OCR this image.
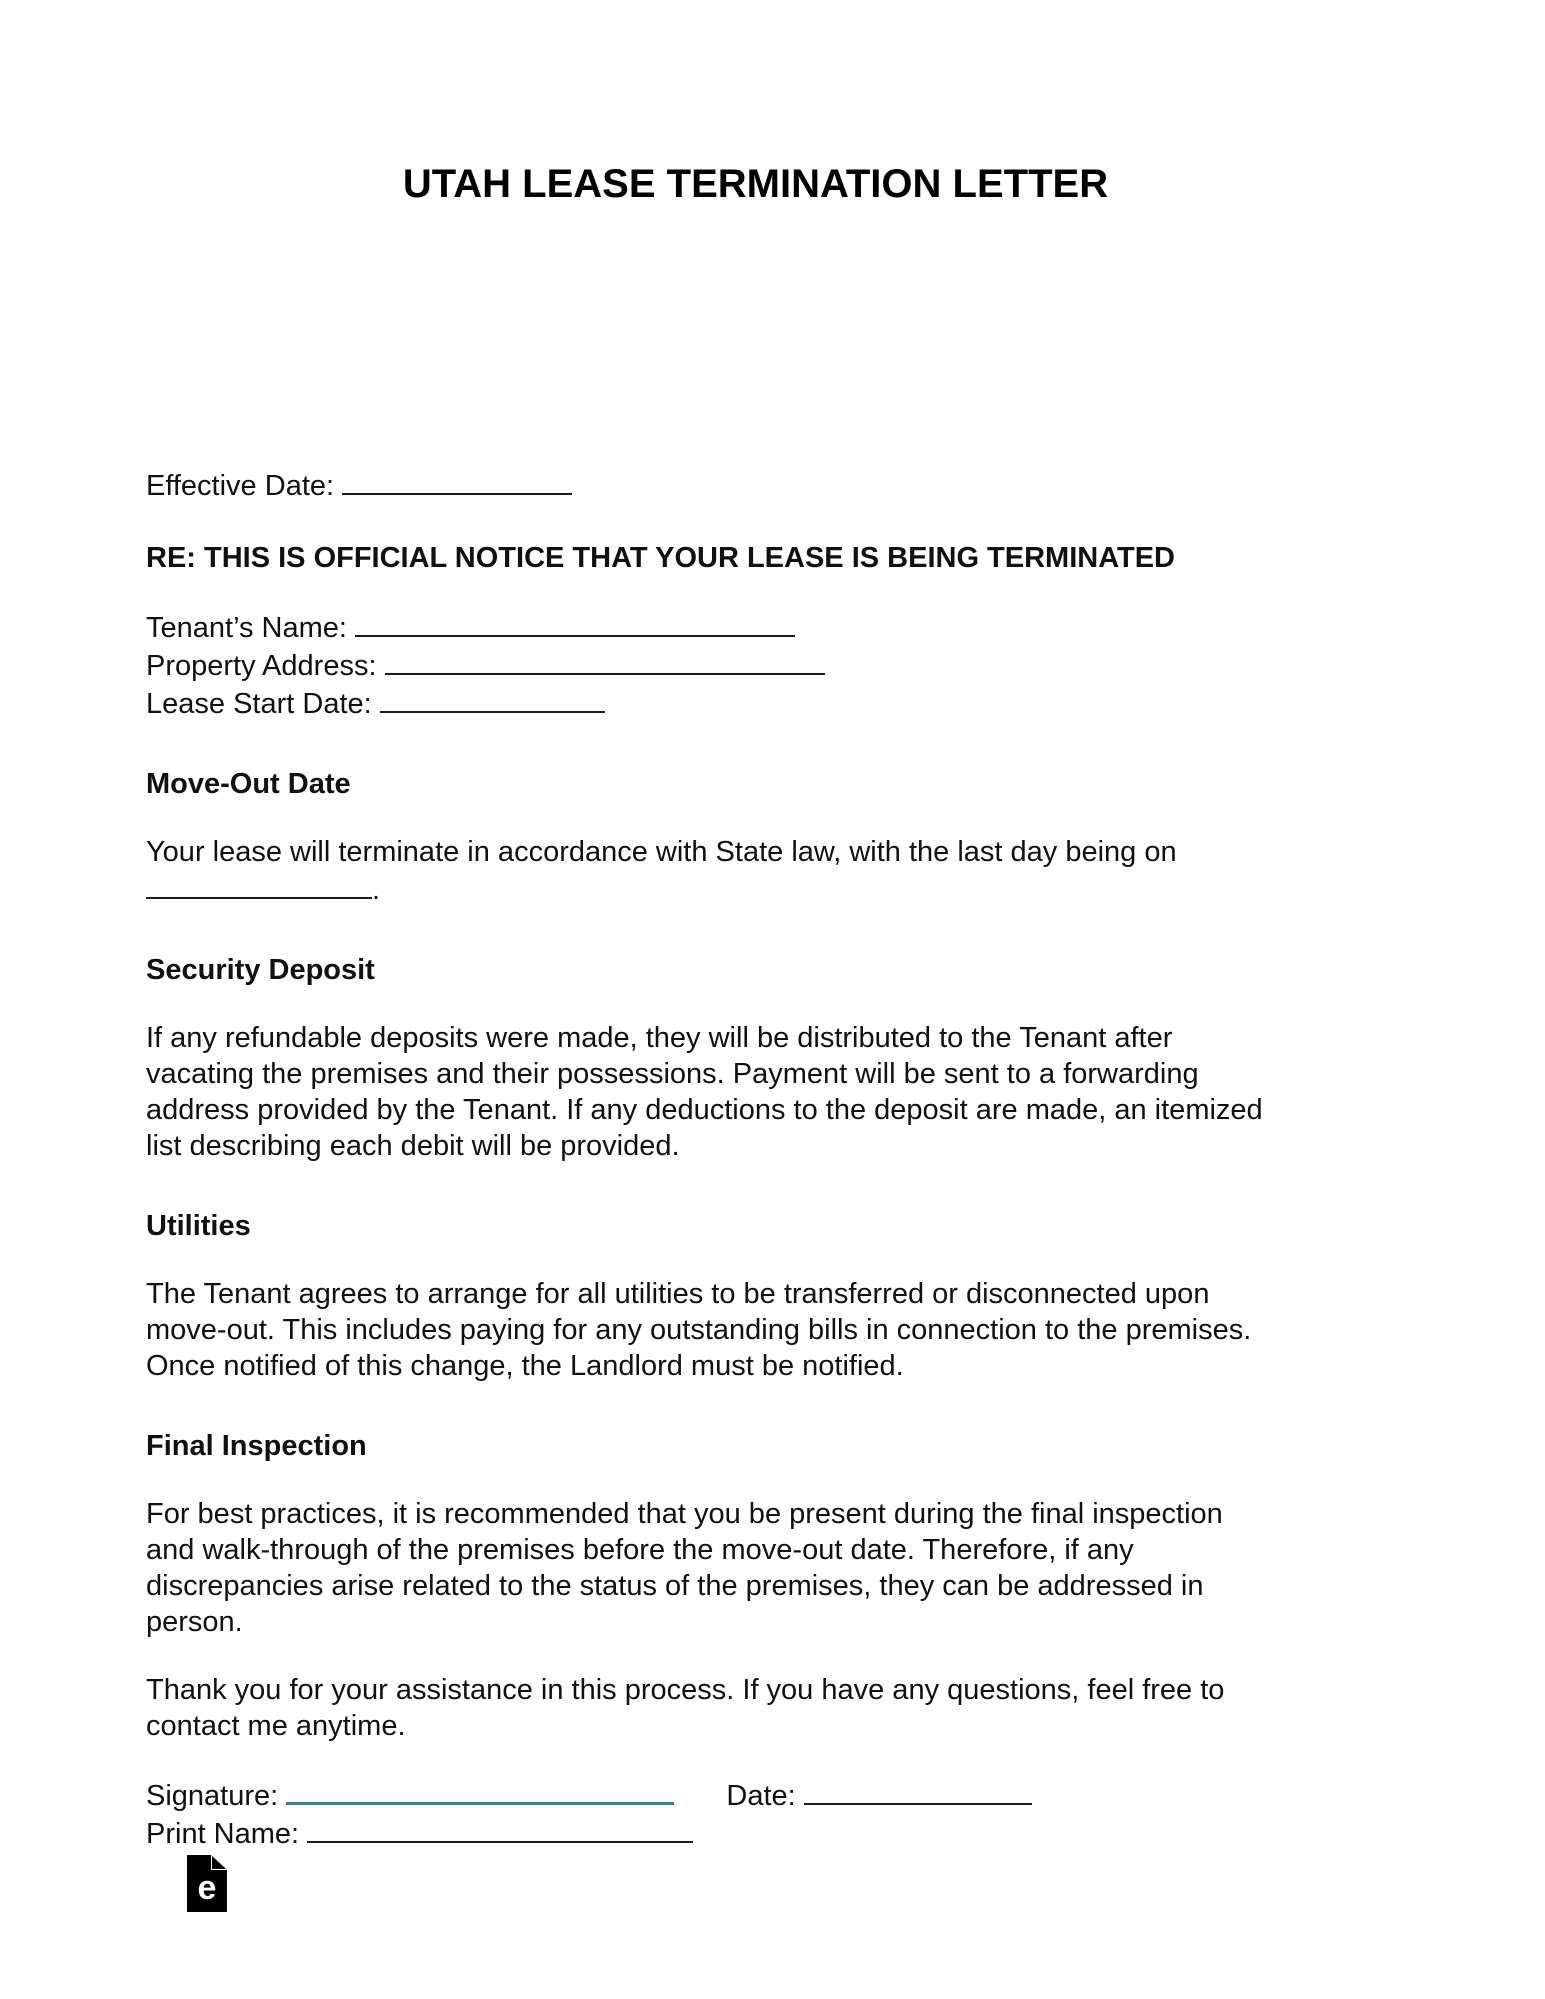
UTAH LEASE TERMINATION LETTER
Effective Date:
RE: THIS IS OFFICIAL NOTICE THAT YOUR LEASE IS BEING TERMINATED
Tenant’s Name:
Property Address:
Lease Start Date:
Move-Out Date
Your lease will terminate in accordance with State law, with the last day being on
.
Security Deposit
If any refundable deposits were made, they will be distributed to the Tenant after
vacating the premises and their possessions. Payment will be sent to a forwarding
address provided by the Tenant. If any deductions to the deposit are made, an itemized
list describing each debit will be provided.
Utilities
The Tenant agrees to arrange for all utilities to be transferred or disconnected upon
move-out. This includes paying for any outstanding bills in connection to the premises.
Once notified of this change, the Landlord must be notified.
Final Inspection
For best practices, it is recommended that you be present during the final inspection
and walk-through of the premises before the move-out date. Therefore, if any
discrepancies arise related to the status of the premises, they can be addressed in
person.
Thank you for your assistance in this process. If you have any questions, feel free to
contact me anytime.
Signature:	Date:
Print Name:
e
